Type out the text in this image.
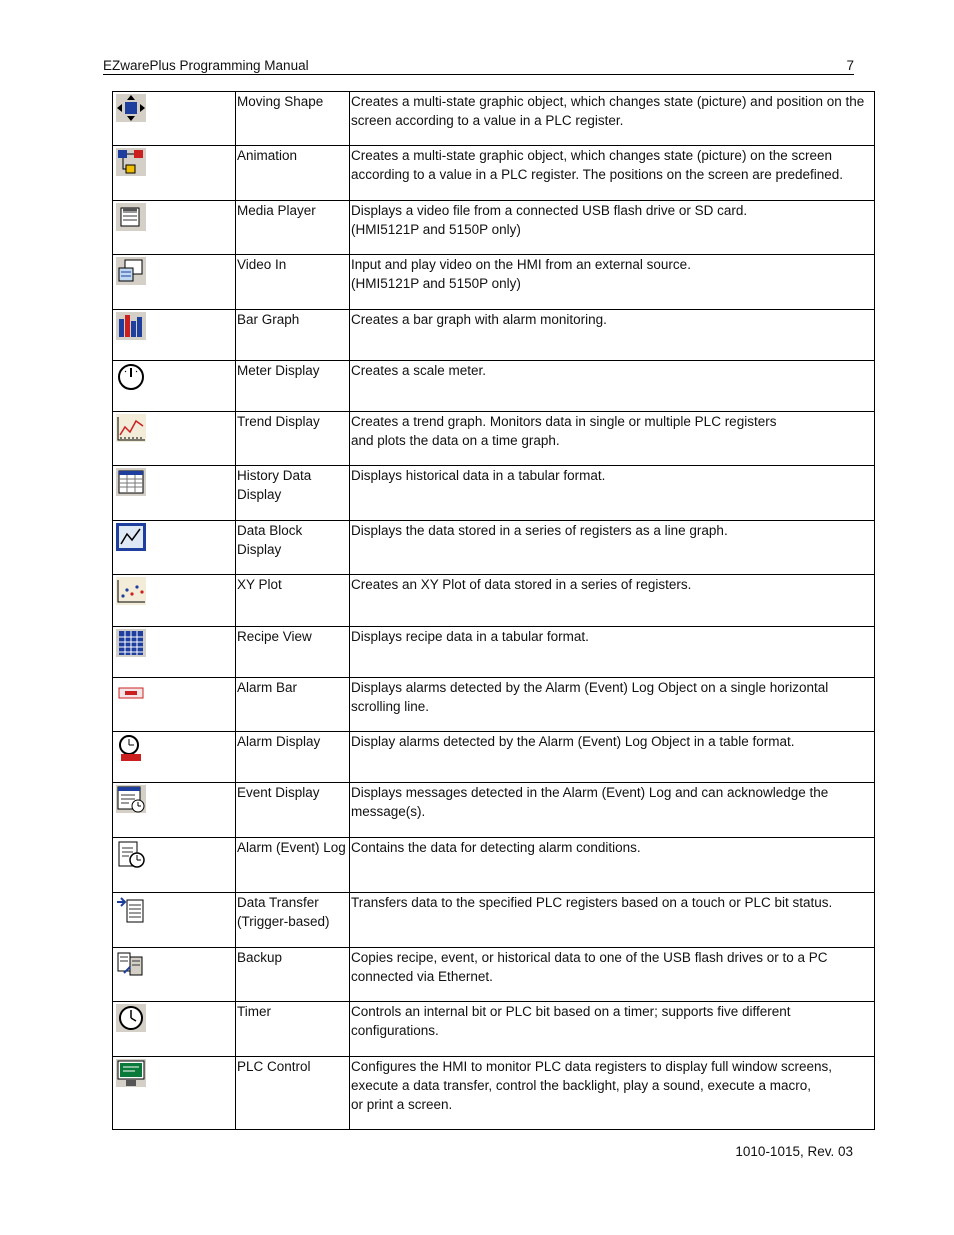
EZwarePlus Programming Manual	7
	Moving Shape	Creates a multi-state graphic object, which changes state (picture) and position on the screen according to a value in a PLC register.

	Animation	Creates a multi-state graphic object, which changes state (picture) on the screen according to a value in a PLC register. The positions on the screen are predefined.

	Media Player	Displays a video file from a connected USB flash drive or SD card.
(HMI5121P and 5150P only)

	Video In	Input and play video on the HMI from an external source.
(HMI5121P and 5150P only)

	Bar Graph	Creates a bar graph with alarm monitoring.

	Meter Display	Creates a scale meter.

	Trend Display	Creates a trend graph. Monitors data in single or multiple PLC registers
and plots the data on a time graph.

	History Data Display	Displays historical data in a tabular format.

	Data Block Display	Displays the data stored in a series of registers as a line graph.

	XY Plot	Creates an XY Plot of data stored in a series of registers.

	Recipe View	Displays recipe data in a tabular format.

	Alarm Bar	Displays alarms detected by the Alarm (Event) Log Object on a single horizontal scrolling line.

	Alarm Display	Display alarms detected by the Alarm (Event) Log Object in a table format.

	Event Display	Displays messages detected in the Alarm (Event) Log and can acknowledge the message(s).

	Alarm (Event) Log	Contains the data for detecting alarm conditions.

	Data Transfer (Trigger-based)	Transfers data to the specified PLC registers based on a touch or PLC bit status.

	Backup	Copies recipe, event, or historical data to one of the USB flash drives or to a PC connected via Ethernet.

	Timer	Controls an internal bit or PLC bit based on a timer; supports five different configurations.

	PLC Control	Configures the HMI to monitor PLC data registers to display full window screens,
execute a data transfer, control the backlight, play a sound, execute a macro,
or print a screen.
1010-1015, Rev. 03
